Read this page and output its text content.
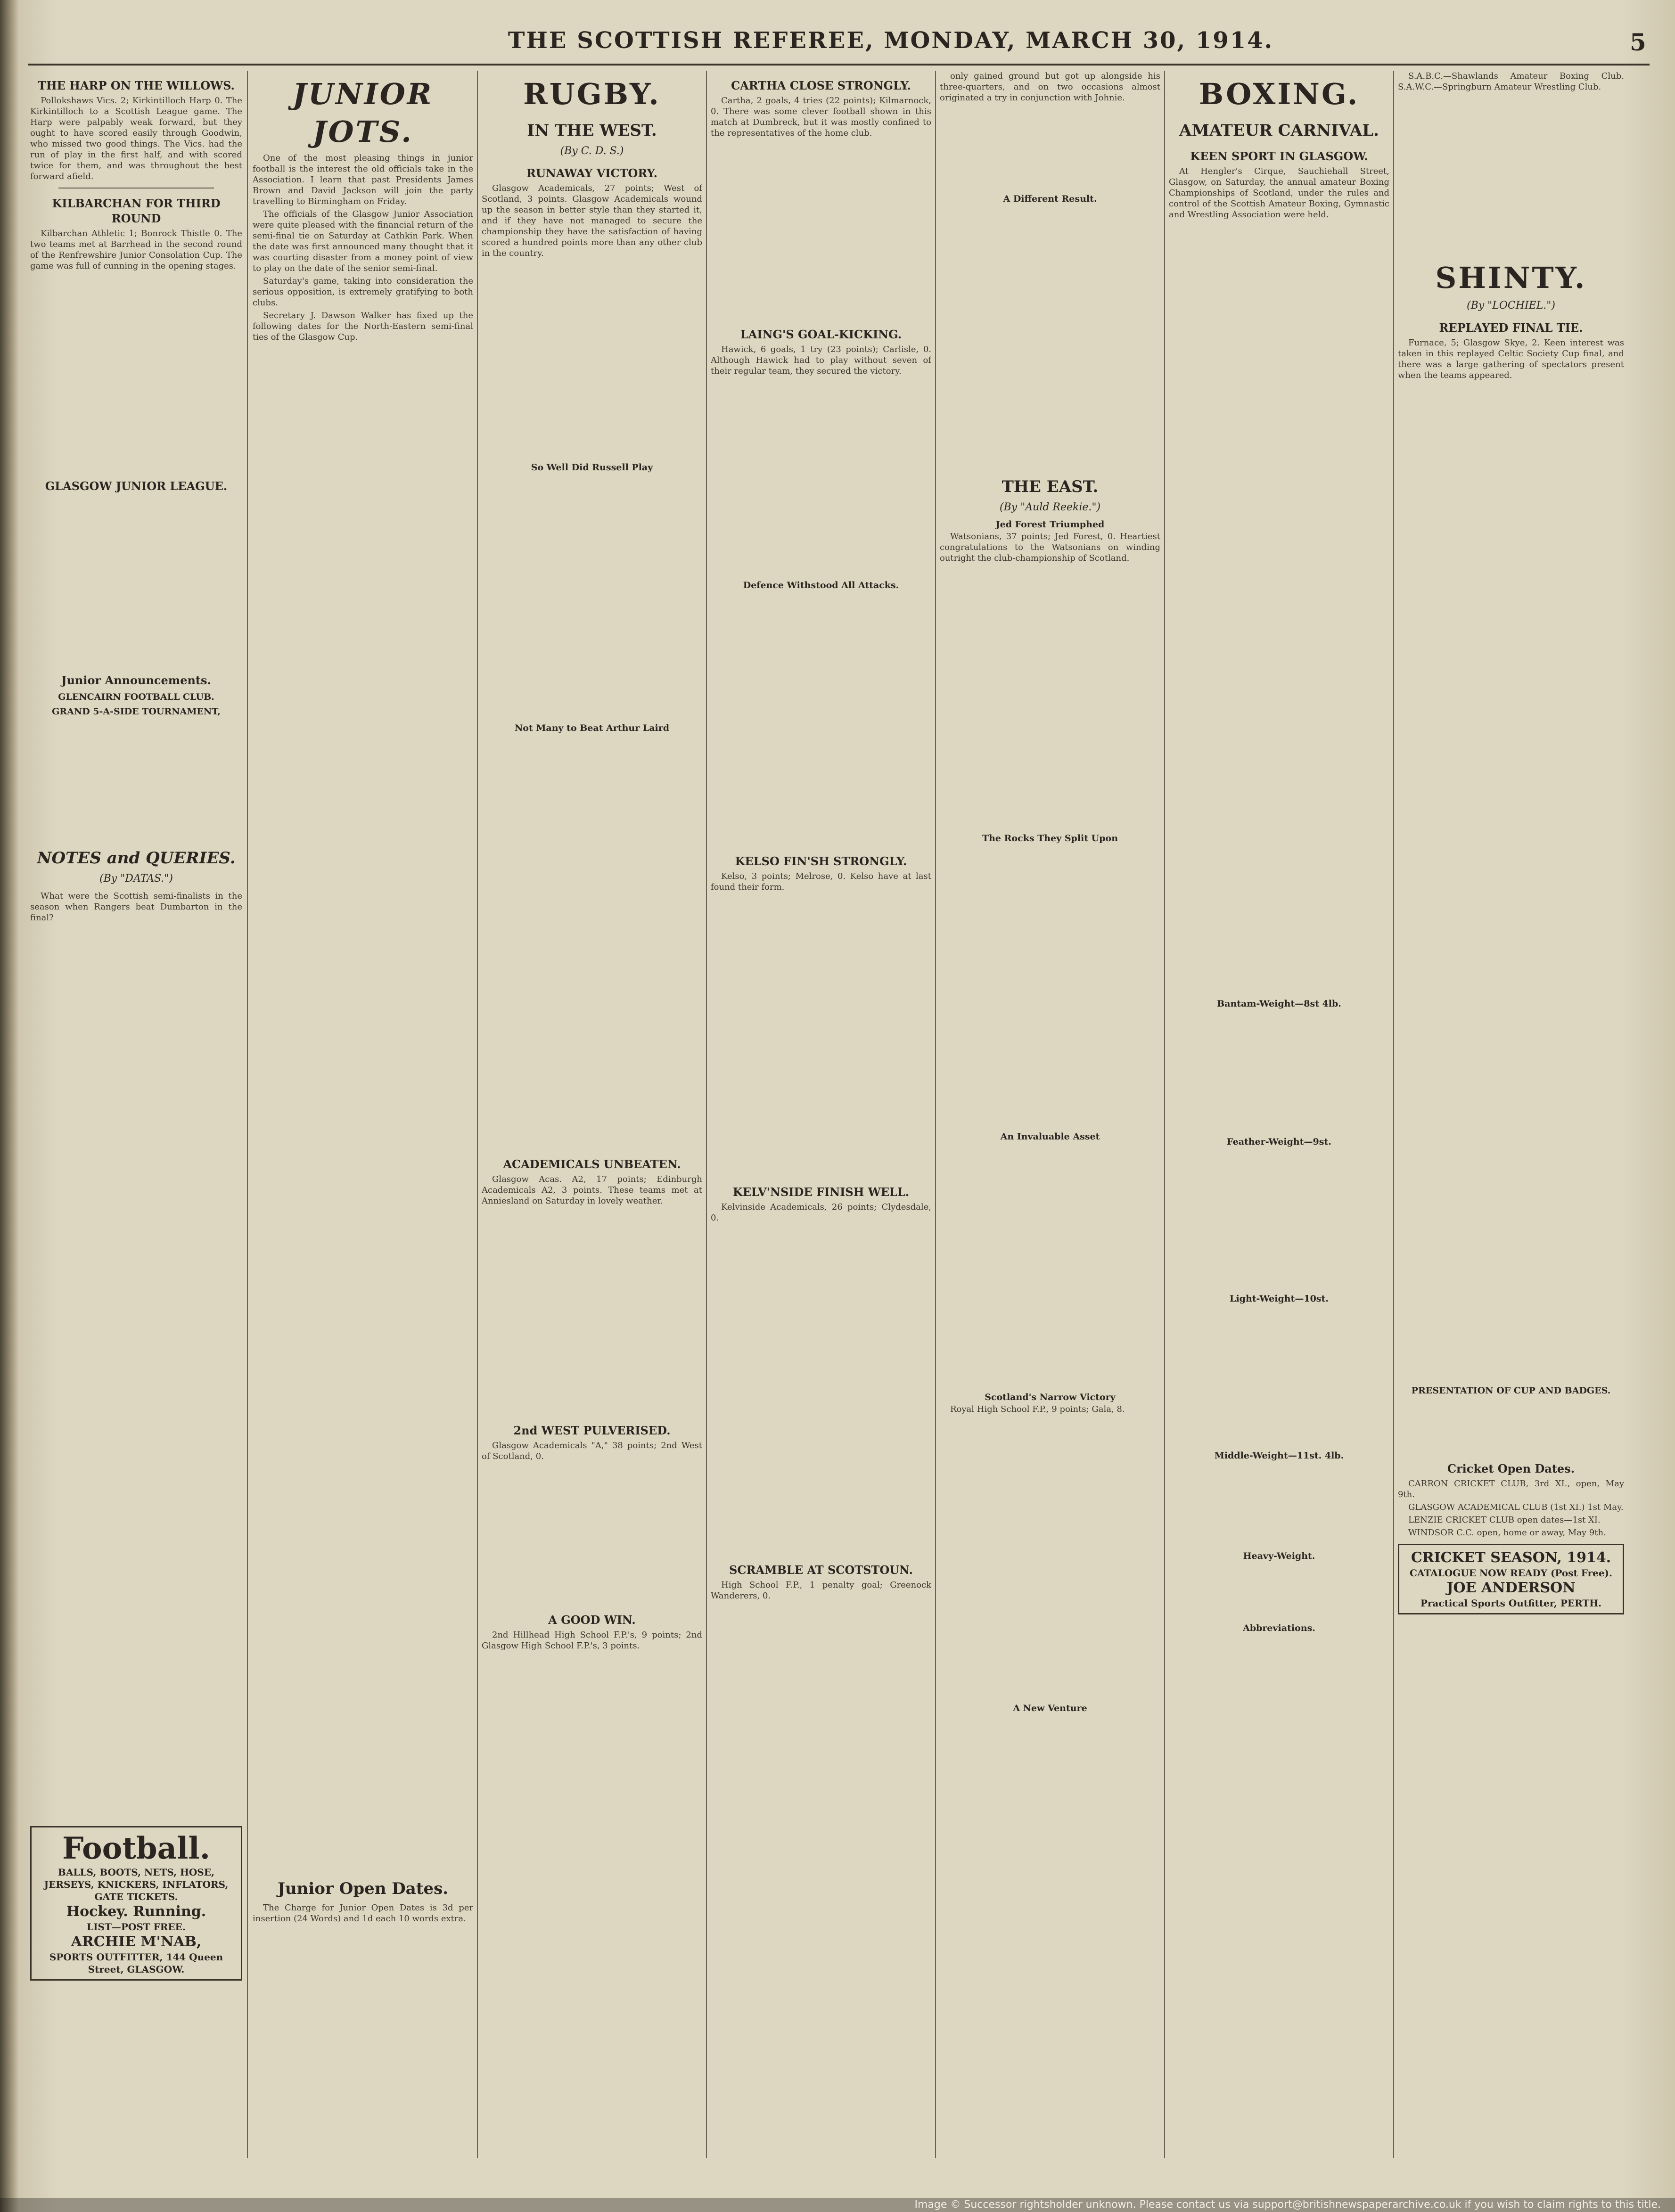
THE SCOTTISH REFEREE, MONDAY, MARCH 30, 1914.	5
THE HARP ON THE WILLOWS.

Pollokshaws Vics. 2; Kirkintilloch Harp 0. The Kirkintilloch to a Scottish League game. The Harp were palpably weak forward, but they ought to have scored easily through Goodwin, who missed two good things. The Vics. had the run of play in the first half, and with scored twice for them, and was throughout the best forward afield.

KILBARCHAN FOR THIRD ROUND

Kilbarchan Athletic 1; Bonrock Thistle 0. The two teams met at Barrhead in the second round of the Renfrewshire Junior Consolation Cup. The game was full of cunning in the opening stages.

GLASGOW JUNIOR LEAGUE.
Junior Announcements.
GLENCAIRN FOOTBALL CLUB.
GRAND 5-A-SIDE TOURNAMENT,
NOTES and QUERIES.
(By "DATAS.")

What were the Scottish semi-finalists in the season when Rangers beat Dumbarton in the final?

Football.
BALLS, BOOTS, NETS, HOSE, JERSEYS, KNICKERS, INFLATORS, GATE TICKETS.
Hockey. Running.
LIST—POST FREE.
ARCHIE M'NAB,
SPORTS OUTFITTER, 144 Queen Street, GLASGOW.
JUNIOR JOTS.

One of the most pleasing things in junior football is the interest the old officials take in the Association. I learn that past Presidents James Brown and David Jackson will join the party travelling to Birmingham on Friday.

The officials of the Glasgow Junior Association were quite pleased with the financial return of the semi-final tie on Saturday at Cathkin Park. When the date was first announced many thought that it was courting disaster from a money point of view to play on the date of the senior semi-final.

Saturday's game, taking into consideration the serious opposition, is extremely gratifying to both clubs.

Secretary J. Dawson Walker has fixed up the following dates for the North-Eastern semi-final ties of the Glasgow Cup.

Junior Open Dates.

The Charge for Junior Open Dates is 3d per insertion (24 Words) and 1d each 10 words extra.

RUGBY.
IN THE WEST.
(By C. D. S.)
RUNAWAY VICTORY.

Glasgow Academicals, 27 points; West of Scotland, 3 points. Glasgow Academicals wound up the season in better style than they started it, and if they have not managed to secure the championship they have the satisfaction of having scored a hundred points more than any other club in the country.

So Well Did Russell Play
Not Many to Beat Arthur Laird
ACADEMICALS UNBEATEN.

Glasgow Acas. A2, 17 points; Edinburgh Academicals A2, 3 points. These teams met at Anniesland on Saturday in lovely weather.

2nd WEST PULVERISED.

Glasgow Academicals "A," 38 points; 2nd West of Scotland, 0.

A GOOD WIN.

2nd Hillhead High School F.P.'s, 9 points; 2nd Glasgow High School F.P.'s, 3 points.

CARTHA CLOSE STRONGLY.

Cartha, 2 goals, 4 tries (22 points); Kilmarnock, 0. There was some clever football shown in this match at Dumbreck, but it was mostly confined to the representatives of the home club.

LAING'S GOAL-KICKING.

Hawick, 6 goals, 1 try (23 points); Carlisle, 0. Although Hawick had to play without seven of their regular team, they secured the victory.

Defence Withstood All Attacks.
KELSO FIN'SH STRONGLY.

Kelso, 3 points; Melrose, 0. Kelso have at last found their form.

KELV'NSIDE FINISH WELL.

Kelvinside Academicals, 26 points; Clydesdale, 0.

SCRAMBLE AT SCOTSTOUN.

High School F.P., 1 penalty goal; Greenock Wanderers, 0.

only gained ground but got up alongside his three-quarters, and on two occasions almost originated a try in conjunction with Johnie.

A Different Result.
THE EAST.
(By "Auld Reekie.")
Jed Forest Triumphed

Watsonians, 37 points; Jed Forest, 0. Heartiest congratulations to the Watsonians on winding outright the club-championship of Scotland.

The Rocks They Split Upon
An Invaluable Asset
Scotland's Narrow Victory

Royal High School F.P., 9 points; Gala, 8.

A New Venture
BOXING.
AMATEUR CARNIVAL.
KEEN SPORT IN GLASGOW.

At Hengler's Cirque, Sauchiehall Street, Glasgow, on Saturday, the annual amateur Boxing Championships of Scotland, under the rules and control of the Scottish Amateur Boxing, Gymnastic and Wrestling Association were held.

Bantam-Weight—8st 4lb.
Feather-Weight—9st.
Light-Weight—10st.
Middle-Weight—11st. 4lb.
Heavy-Weight.
Abbreviations.

S.A.B.C.—Shawlands Amateur Boxing Club. S.A.W.C.—Springburn Amateur Wrestling Club.

SHINTY.
(By "LOCHIEL.")
REPLAYED FINAL TIE.

Furnace, 5; Glasgow Skye, 2. Keen interest was taken in this replayed Celtic Society Cup final, and there was a large gathering of spectators present when the teams appeared.

PRESENTATION OF CUP AND BADGES.
Cricket Open Dates.

CARRON CRICKET CLUB, 3rd XI., open, May 9th.

GLASGOW ACADEMICAL CLUB (1st XI.) 1st May.

LENZIE CRICKET CLUB open dates—1st XI.

WINDSOR C.C. open, home or away, May 9th.

CRICKET SEASON, 1914.
CATALOGUE NOW READY (Post Free).
JOE ANDERSON
Practical Sports Outfitter, PERTH.
Image © Successor rightsholder unknown. Please contact us via support@britishnewspaperarchive.co.uk if you wish to claim rights to this title.
